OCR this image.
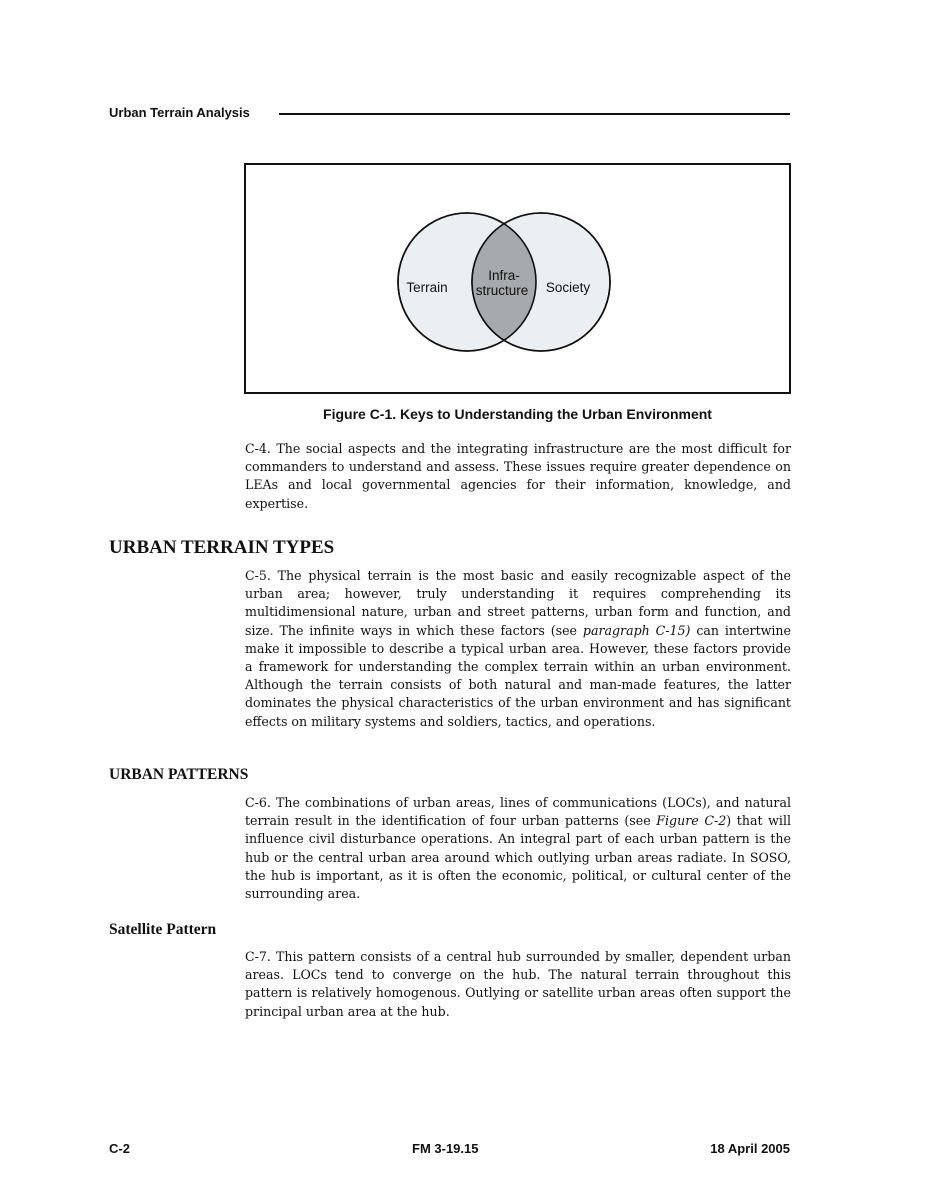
Urban Terrain Analysis
Terrain	Society
Infra-
structure
Figure C-1. Keys to Understanding the Urban Environment

C-4. The social aspects and the integrating infrastructure are the most difficult for commanders to understand and assess. These issues require greater dependence on LEAs and local governmental agencies for their information, knowledge, and expertise.

URBAN TERRAIN TYPES

C-5. The physical terrain is the most basic and easily recognizable aspect of the urban area; however, truly understanding it requires comprehending its multidimensional nature, urban and street patterns, urban form and function, and size. The infinite ways in which these factors (see paragraph C-15) can intertwine make it impossible to describe a typical urban area. However, these factors provide a framework for understanding the complex terrain within an urban environment. Although the terrain consists of both natural and man-made features, the latter dominates the physical characteristics of the urban environment and has significant effects on military systems and soldiers, tactics, and operations.

URBAN PATTERNS

C-6. The combinations of urban areas, lines of communications (LOCs), and natural terrain result in the identification of four urban patterns (see Figure C-2) that will influence civil disturbance operations. An integral part of each urban pattern is the hub or the central urban area around which outlying urban areas radiate. In SOSO, the hub is important, as it is often the economic, political, or cultural center of the surrounding area.

Satellite Pattern

C-7. This pattern consists of a central hub surrounded by smaller, dependent urban areas. LOCs tend to converge on the hub. The natural terrain throughout this pattern is relatively homogenous. Outlying or satellite urban areas often support the principal urban area at the hub.

C-2	FM 3-19.15	18 April 2005
